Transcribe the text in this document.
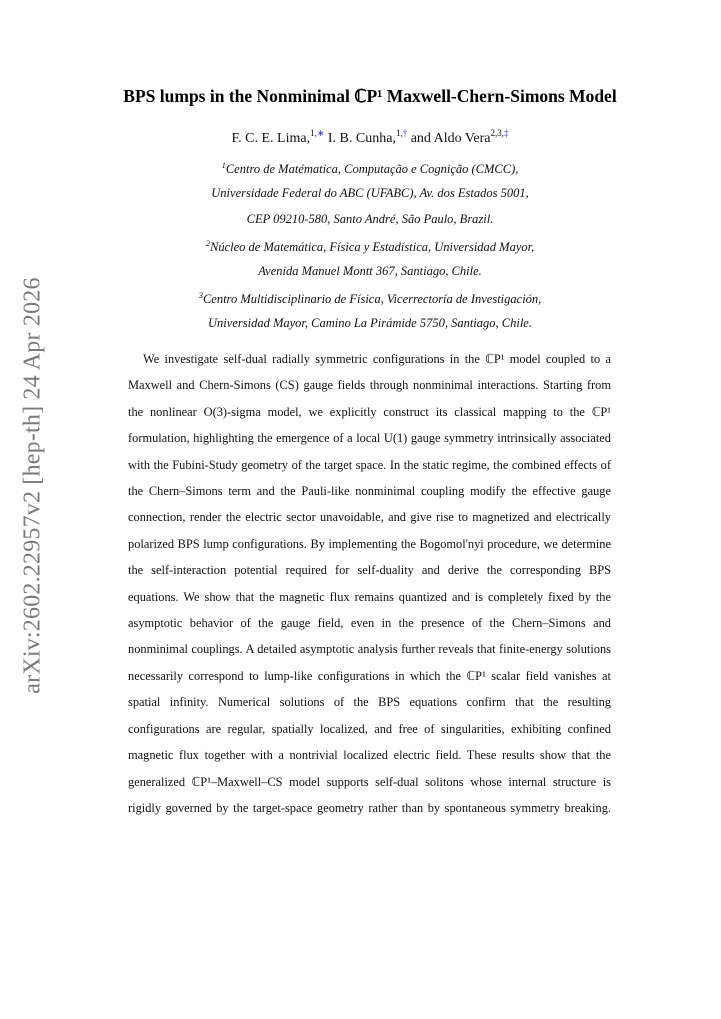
arXiv:2602.22957v2 [hep-th] 24 Apr 2026
BPS lumps in the Nonminimal ℂP¹ Maxwell-Chern-Simons Model
F. C. E. Lima,$^{1,∗}$ I. B. Cunha,$^{1,\dagger}$ and Aldo Vera$^{2,3,\ddagger}$
$^1$Centro de Matématica, Computação e Cognição (CMCC),
Universidade Federal do ABC (UFABC), Av. dos Estados 5001,
CEP 09210-580, Santo André, São Paulo, Brazil.
$^2$Núcleo de Matemática, Física y Estadística, Universidad Mayor,
Avenida Manuel Montt 367, Santiago, Chile.
$^3$Centro Multidisciplinario de Física, Vicerrectoría de Investigación,
Universidad Mayor, Camino La Pirámide 5750, Santiago, Chile.

We investigate self-dual radially symmetric configurations in the ℂP¹ model coupled to a Maxwell and Chern-Simons (CS) gauge fields through nonminimal interactions. Starting from the nonlinear O(3)-sigma model, we explicitly construct its classical mapping to the ℂP¹ formulation, highlighting the emergence of a local U(1) gauge symmetry intrinsically associated with the Fubini-Study geometry of the target space. In the static regime, the combined effects of the Chern–Simons term and the Pauli-like nonminimal coupling modify the effective gauge connection, render the electric sector unavoidable, and give rise to magnetized and electrically polarized BPS lump configurations. By implementing the Bogomol'nyi procedure, we determine the self-interaction potential required for self-duality and derive the corresponding BPS equations. We show that the magnetic flux remains quantized and is completely fixed by the asymptotic behavior of the gauge field, even in the presence of the Chern–Simons and nonminimal couplings. A detailed asymptotic analysis further reveals that finite-energy solutions necessarily correspond to lump-like configurations in which the ℂP¹ scalar field vanishes at spatial infinity. Numerical solutions of the BPS equations confirm that the resulting configurations are regular, spatially localized, and free of singularities, exhibiting confined magnetic flux together with a nontrivial localized electric field. These results show that the generalized ℂP¹–Maxwell–CS model supports self-dual solitons whose internal structure is rigidly governed by the target-space geometry rather than by spontaneous symmetry breaking.
